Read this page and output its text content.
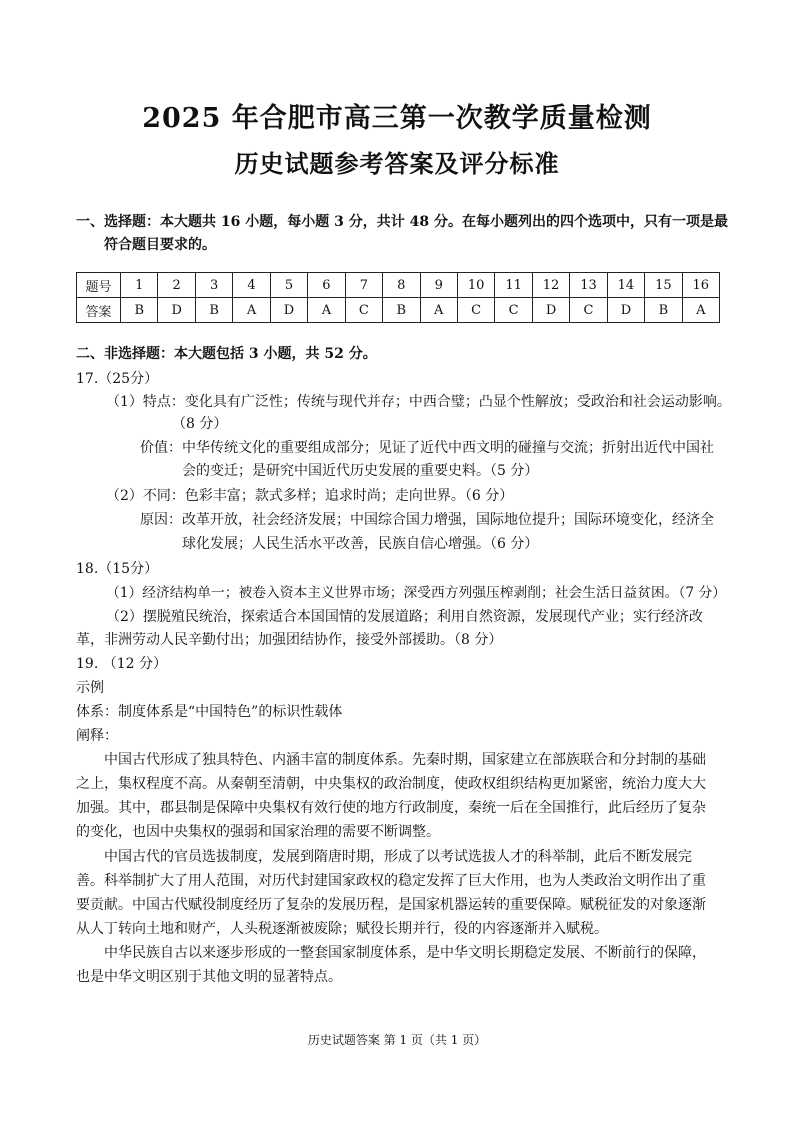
2025 年合肥市高三第一次教学质量检测
历史试题参考答案及评分标准
一、选择题：本大题共 16 小题，每小题 3 分，共计 48 分。在每小题列出的四个选项中，只有一项是最
符合题目要求的。
题号	1	2	3	4	5	6	7	8	9	10	11	12	13	14	15	16
答案	B	D	B	A	D	A	C	B	A	C	C	D	C	D	B	A
二、非选择题：本大题包括 3 小题，共 52 分。
17.（25分）
（1）特点：变化具有广泛性；传统与现代并存；中西合璧；凸显个性解放；受政治和社会运动影响。
（8 分）
价值：中华传统文化的重要组成部分；见证了近代中西文明的碰撞与交流；折射出近代中国社
会的变迁；是研究中国近代历史发展的重要史料。（5 分）
（2）不同：色彩丰富；款式多样；追求时尚；走向世界。（6 分）
原因：改革开放，社会经济发展；中国综合国力增强，国际地位提升；国际环境变化，经济全
球化发展；人民生活水平改善，民族自信心增强。（6 分）
18.（15分）
（1）经济结构单一；被卷入资本主义世界市场；深受西方列强压榨剥削；社会生活日益贫困。（7 分）
（2）摆脱殖民统治，探索适合本国国情的发展道路；利用自然资源，发展现代产业；实行经济改
革，非洲劳动人民辛勤付出；加强团结协作，接受外部援助。（8 分）
19. （12 分）
示例
体系：制度体系是“中国特色”的标识性载体
阐释：
中国古代形成了独具特色、内涵丰富的制度体系。先秦时期，国家建立在部族联合和分封制的基础
之上，集权程度不高。从秦朝至清朝，中央集权的政治制度，使政权组织结构更加紧密，统治力度大大
加强。其中，郡县制是保障中央集权有效行使的地方行政制度，秦统一后在全国推行，此后经历了复杂
的变化，也因中央集权的强弱和国家治理的需要不断调整。
中国古代的官员选拔制度，发展到隋唐时期，形成了以考试选拔人才的科举制，此后不断发展完
善。科举制扩大了用人范围，对历代封建国家政权的稳定发挥了巨大作用，也为人类政治文明作出了重
要贡献。中国古代赋役制度经历了复杂的发展历程，是国家机器运转的重要保障。赋税征发的对象逐渐
从人丁转向土地和财产，人头税逐渐被废除；赋役长期并行，役的内容逐渐并入赋税。
中华民族自古以来逐步形成的一整套国家制度体系，是中华文明长期稳定发展、不断前行的保障，
也是中华文明区别于其他文明的显著特点。
历史试题答案 第 1 页（共 1 页）
